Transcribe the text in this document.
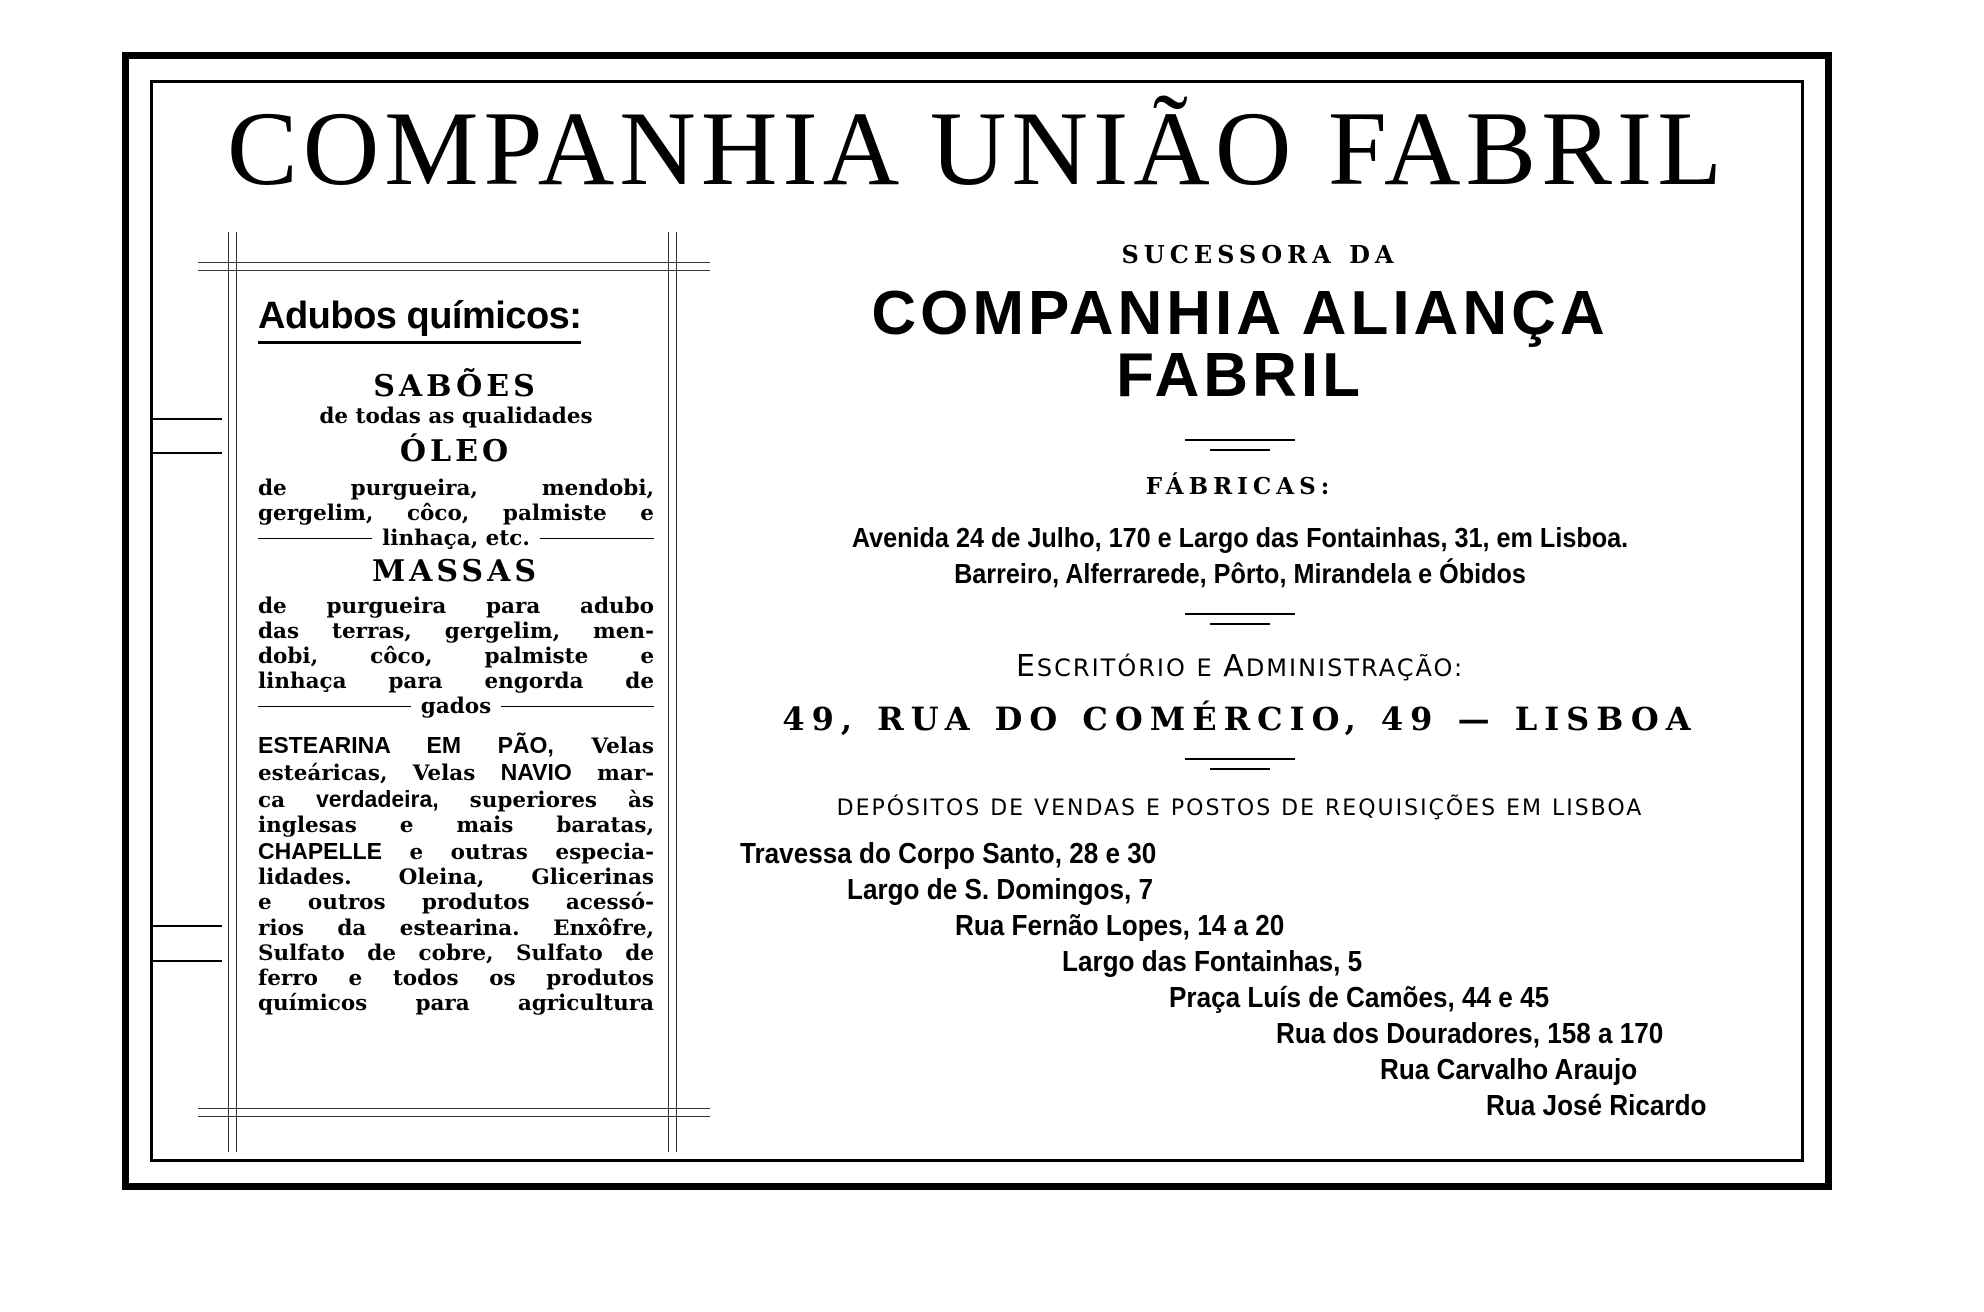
COMPANHIA UNIÃO FABRIL
Adubos químicos:
SABÕES
de todas as qualidades
ÓLEO
de purgueira, mendobi,
gergelim, côco, palmiste e
linhaça, etc.
MASSAS
de purgueira para adubo
das terras, gergelim, men-
dobi, côco, palmiste e
linhaça para engorda de
gados
ESTEARINA EM PÃO, Velas
esteáricas, Velas NAVIO mar-
ca verdadeira, superiores às
inglesas e mais baratas,
CHAPELLE e outras especia-
lidades. Oleina, Glicerinas
e outros produtos acessó-
rios da estearina. Enxôfre,
Sulfato de cobre, Sulfato de
ferro e todos os produtos
químicos para agricultura
SUCESSORA DA
COMPANHIA ALIANÇA FABRIL
FÁBRICAS:
Avenida 24 de Julho, 170 e Largo das Fontainhas, 31, em Lisboa.
Barreiro, Alferrarede, Pôrto, Mirandela e Óbidos
ESCRITÓRIO E ADMINISTRAÇÃO:
49, RUA DO COMÉRCIO, 49 — LISBOA
DEPÓSITOS DE VENDAS E POSTOS DE REQUISIÇÕES EM LISBOA
Travessa do Corpo Santo, 28 e 30
Largo de S. Domingos, 7
Rua Fernão Lopes, 14 a 20
Largo das Fontainhas, 5
Praça Luís de Camões, 44 e 45
Rua dos Douradores, 158 a 170
Rua Carvalho Araujo
Rua José Ricardo
